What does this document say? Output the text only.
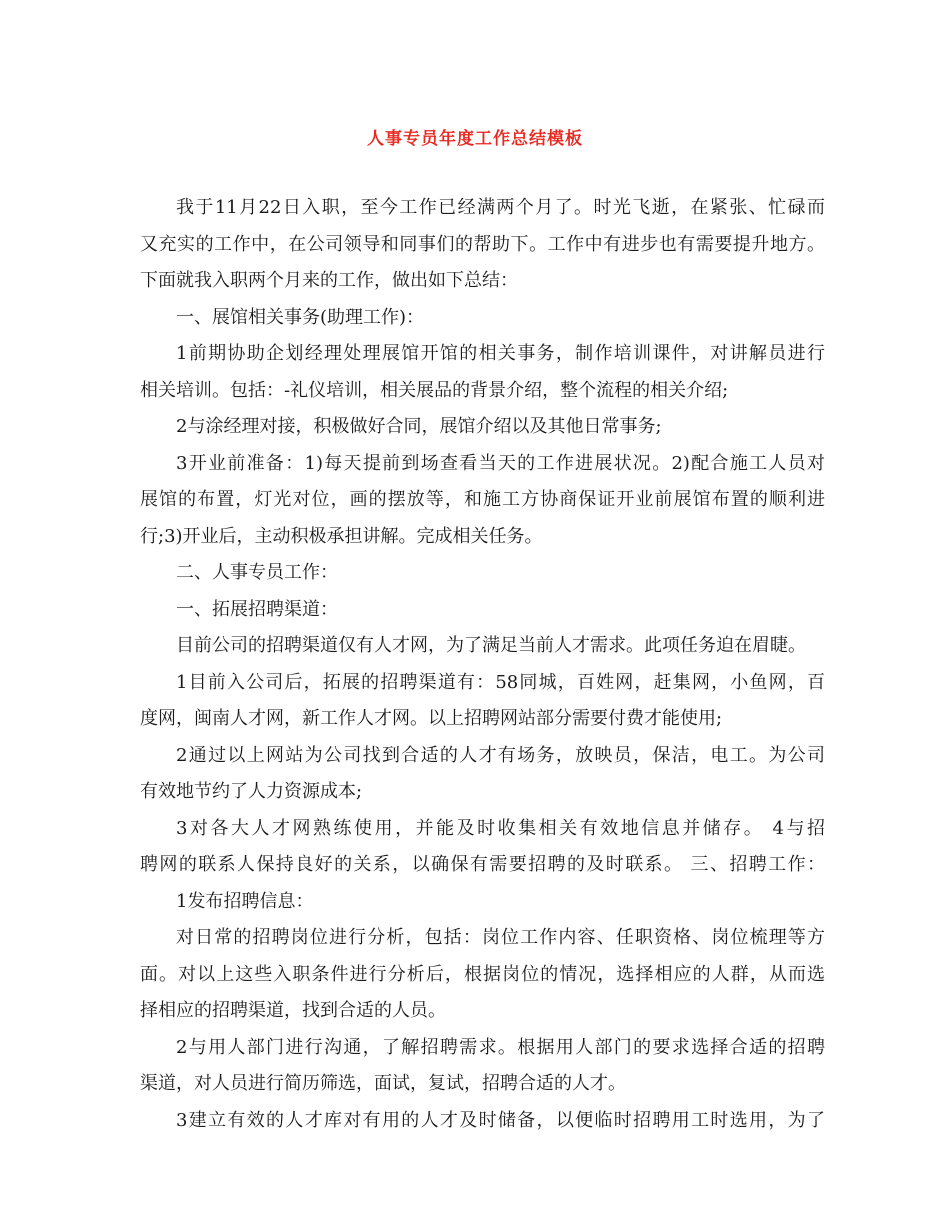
人事专员年度工作总结模板
我于11月22日入职，至今工作已经满两个月了。时光飞逝，在紧张、忙碌而
又充实的工作中，在公司领导和同事们的帮助下。工作中有进步也有需要提升地方。
下面就我入职两个月来的工作，做出如下总结：
一、展馆相关事务(助理工作)：
1前期协助企划经理处理展馆开馆的相关事务，制作培训课件，对讲解员进行
相关培训。包括：-礼仪培训，相关展品的背景介绍，整个流程的相关介绍;
2与涂经理对接，积极做好合同，展馆介绍以及其他日常事务;
3开业前准备：1)每天提前到场查看当天的工作进展状况。2)配合施工人员对
展馆的布置，灯光对位，画的摆放等，和施工方协商保证开业前展馆布置的顺利进
行;3)开业后，主动积极承担讲解。完成相关任务。
二、人事专员工作：
一、拓展招聘渠道：
目前公司的招聘渠道仅有人才网，为了满足当前人才需求。此项任务迫在眉睫。
1目前入公司后，拓展的招聘渠道有：58同城，百姓网，赶集网，小鱼网，百
度网，闽南人才网，新工作人才网。以上招聘网站部分需要付费才能使用;
2通过以上网站为公司找到合适的人才有场务，放映员，保洁，电工。为公司
有效地节约了人力资源成本;
3对各大人才网熟练使用，并能及时收集相关有效地信息并储存。 4与招
聘网的联系人保持良好的关系，以确保有需要招聘的及时联系。 三、招聘工作：
1发布招聘信息：
对日常的招聘岗位进行分析，包括：岗位工作内容、任职资格、岗位梳理等方
面。对以上这些入职条件进行分析后，根据岗位的情况，选择相应的人群，从而选
择相应的招聘渠道，找到合适的人员。
2与用人部门进行沟通，了解招聘需求。根据用人部门的要求选择合适的招聘
渠道，对人员进行简历筛选，面试，复试，招聘合适的人才。
3建立有效的人才库对有用的人才及时储备，以便临时招聘用工时选用，为了
